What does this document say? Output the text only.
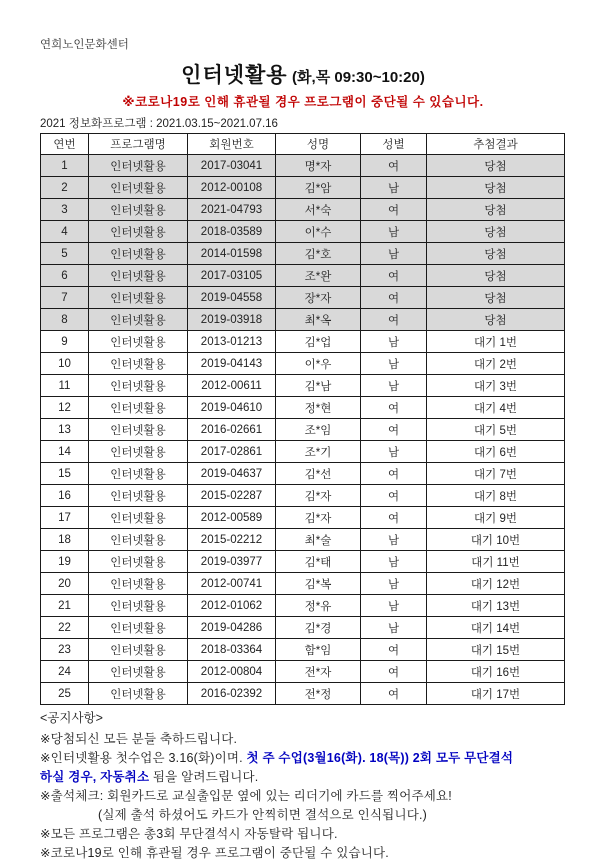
연희노인문화센터
인터넷활용 (화,목 09:30~10:20)
※코로나19로 인해 휴관될 경우 프로그램이 중단될 수 있습니다.
2021 정보화프로그램 : 2021.03.15~2021.07.16
연번	프로그램명	회원번호	성명	성별	추첨결과
1	인터넷활용	2017-03041	명*자	여	당첨
2	인터넷활용	2012-00108	김*암	남	당첨
3	인터넷활용	2021-04793	서*숙	여	당첨
4	인터넷활용	2018-03589	이*수	남	당첨
5	인터넷활용	2014-01598	김*호	남	당첨
6	인터넷활용	2017-03105	조*완	여	당첨
7	인터넷활용	2019-04558	장*자	여	당첨
8	인터넷활용	2019-03918	최*옥	여	당첨
9	인터넷활용	2013-01213	김*업	남	대기 1번
10	인터넷활용	2019-04143	이*우	남	대기 2번
11	인터넷활용	2012-00611	김*남	남	대기 3번
12	인터넷활용	2019-04610	정*현	여	대기 4번
13	인터넷활용	2016-02661	조*임	여	대기 5번
14	인터넷활용	2017-02861	조*기	남	대기 6번
15	인터넷활용	2019-04637	김*선	여	대기 7번
16	인터넷활용	2015-02287	김*자	여	대기 8번
17	인터넷활용	2012-00589	김*자	여	대기 9번
18	인터넷활용	2015-02212	최*술	남	대기 10번
19	인터넷활용	2019-03977	김*태	남	대기 11번
20	인터넷활용	2012-00741	김*복	남	대기 12번
21	인터넷활용	2012-01062	정*유	남	대기 13번
22	인터넷활용	2019-04286	김*경	남	대기 14번
23	인터넷활용	2018-03364	함*임	여	대기 15번
24	인터넷활용	2012-00804	전*자	여	대기 16번
25	인터넷활용	2016-02392	전*정	여	대기 17번
<공지사항>

※당첨되신 모든 분들 축하드립니다.

※인터넷활용 첫수업은 3.16(화)이며. 첫 주 수업(3월16(화). 18(목)) 2회 모두 무단결석

하실 경우, 자동취소 됨을 알려드립니다.

※출석체크: 회원카드로 교실출입문 옆에 있는 리더기에 카드를 찍어주세요!

(실제 출석 하셨어도 카드가 안찍히면 결석으로 인식됩니다.)

※모든 프로그램은 총3회 무단결석시 자동탈락 됩니다.

※코로나19로 인해 휴관될 경우 프로그램이 중단될 수 있습니다.
